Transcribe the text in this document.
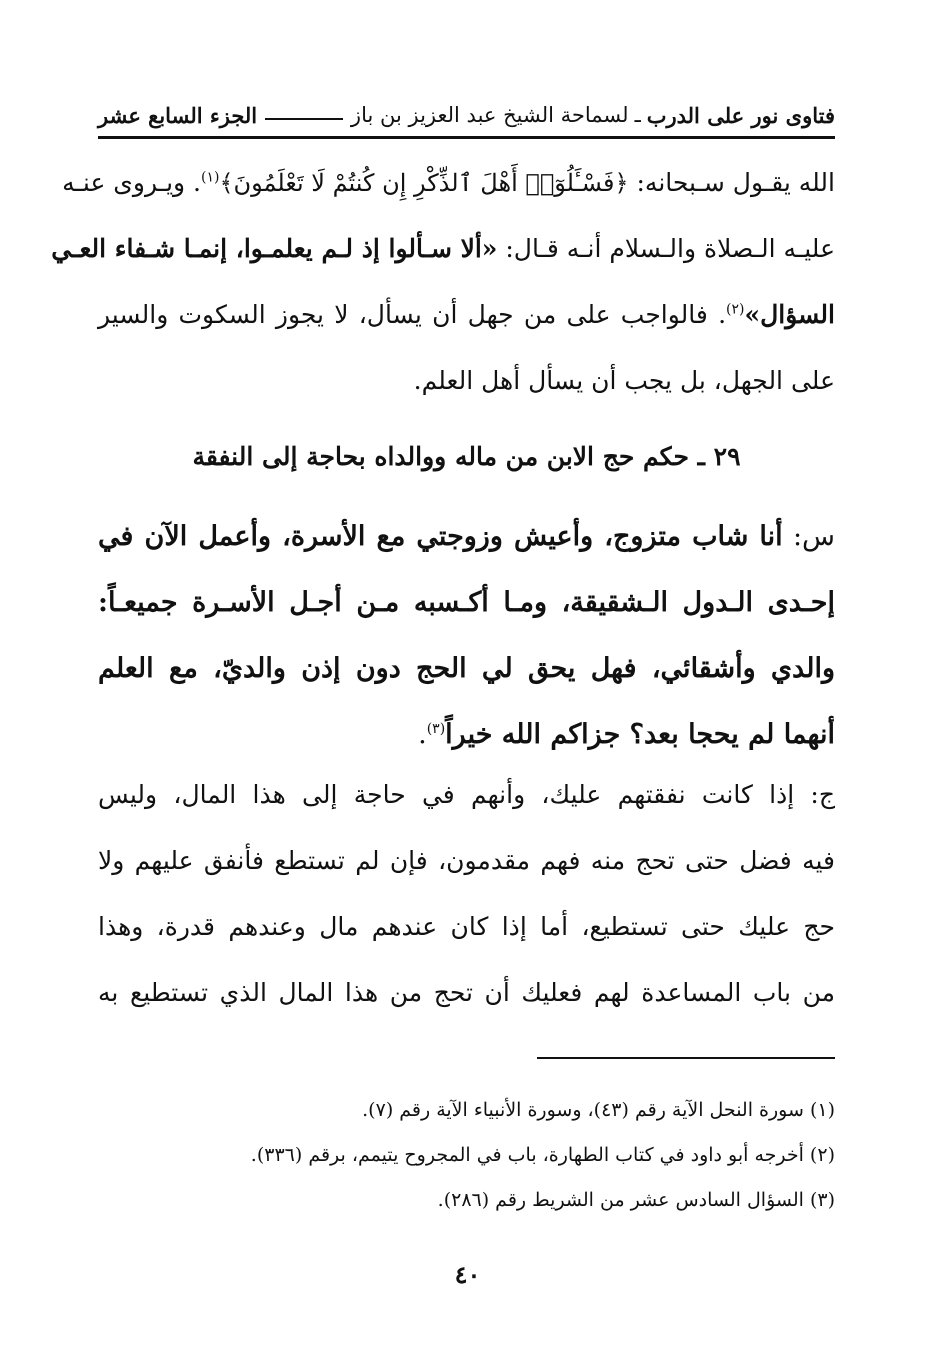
فتاوى نور على الدرب
ـ
لسماحة الشيخ عبد العزيز بن باز
الجزء السابع عشر
الله يقـول سـبحانه: ﴿فَسْـَٔلُوٓا۟ أَهْلَ ٱلذِّكْرِ إِن كُنتُمْ لَا تَعْلَمُونَ﴾$^{(١)}$. ويـروى عنـه
عليـه الـصلاة والـسلام أنـه قـال: «ألا سـألوا إذ لـم يعلمـوا، إنمـا شـفاء العـي
السؤال»$^{(٢)}$. فالواجب على من جهل أن يسأل، لا يجوز السكوت والسير
على الجهل، بل يجب أن يسأل أهل العلم.
٢٩ ـ حكم حج الابن من ماله ووالداه بحاجة إلى النفقة
س: أنا شاب متزوج، وأعيش وزوجتي مع الأسرة، وأعمل الآن في
إحـدى الـدول الـشقيقة، ومـا أكـسبه مـن أجـل الأسـرة جميعـاً:
والدي وأشقائي، فهل يحق لي الحج دون إذن والديّ، مع العلم
أنهما لم يحجا بعد؟ جزاكم الله خيراً$^{(٣)}$.
ج: إذا كانت نفقتهم عليك، وأنهم في حاجة إلى هذا المال، وليس
فيه فضل حتى تحج منه فهم مقدمون، فإن لم تستطع فأنفق عليهم ولا
حج عليك حتى تستطيع، أما إذا كان عندهم مال وعندهم قدرة، وهذا
من باب المساعدة لهم فعليك أن تحج من هذا المال الذي تستطيع به
(١) سورة النحل الآية رقم (٤٣)، وسورة الأنبياء الآية رقم (٧).
(٢) أخرجه أبو داود في كتاب الطهارة، باب في المجروح يتيمم، برقم (٣٣٦).
(٣) السؤال السادس عشر من الشريط رقم (٢٨٦).
٤٠
